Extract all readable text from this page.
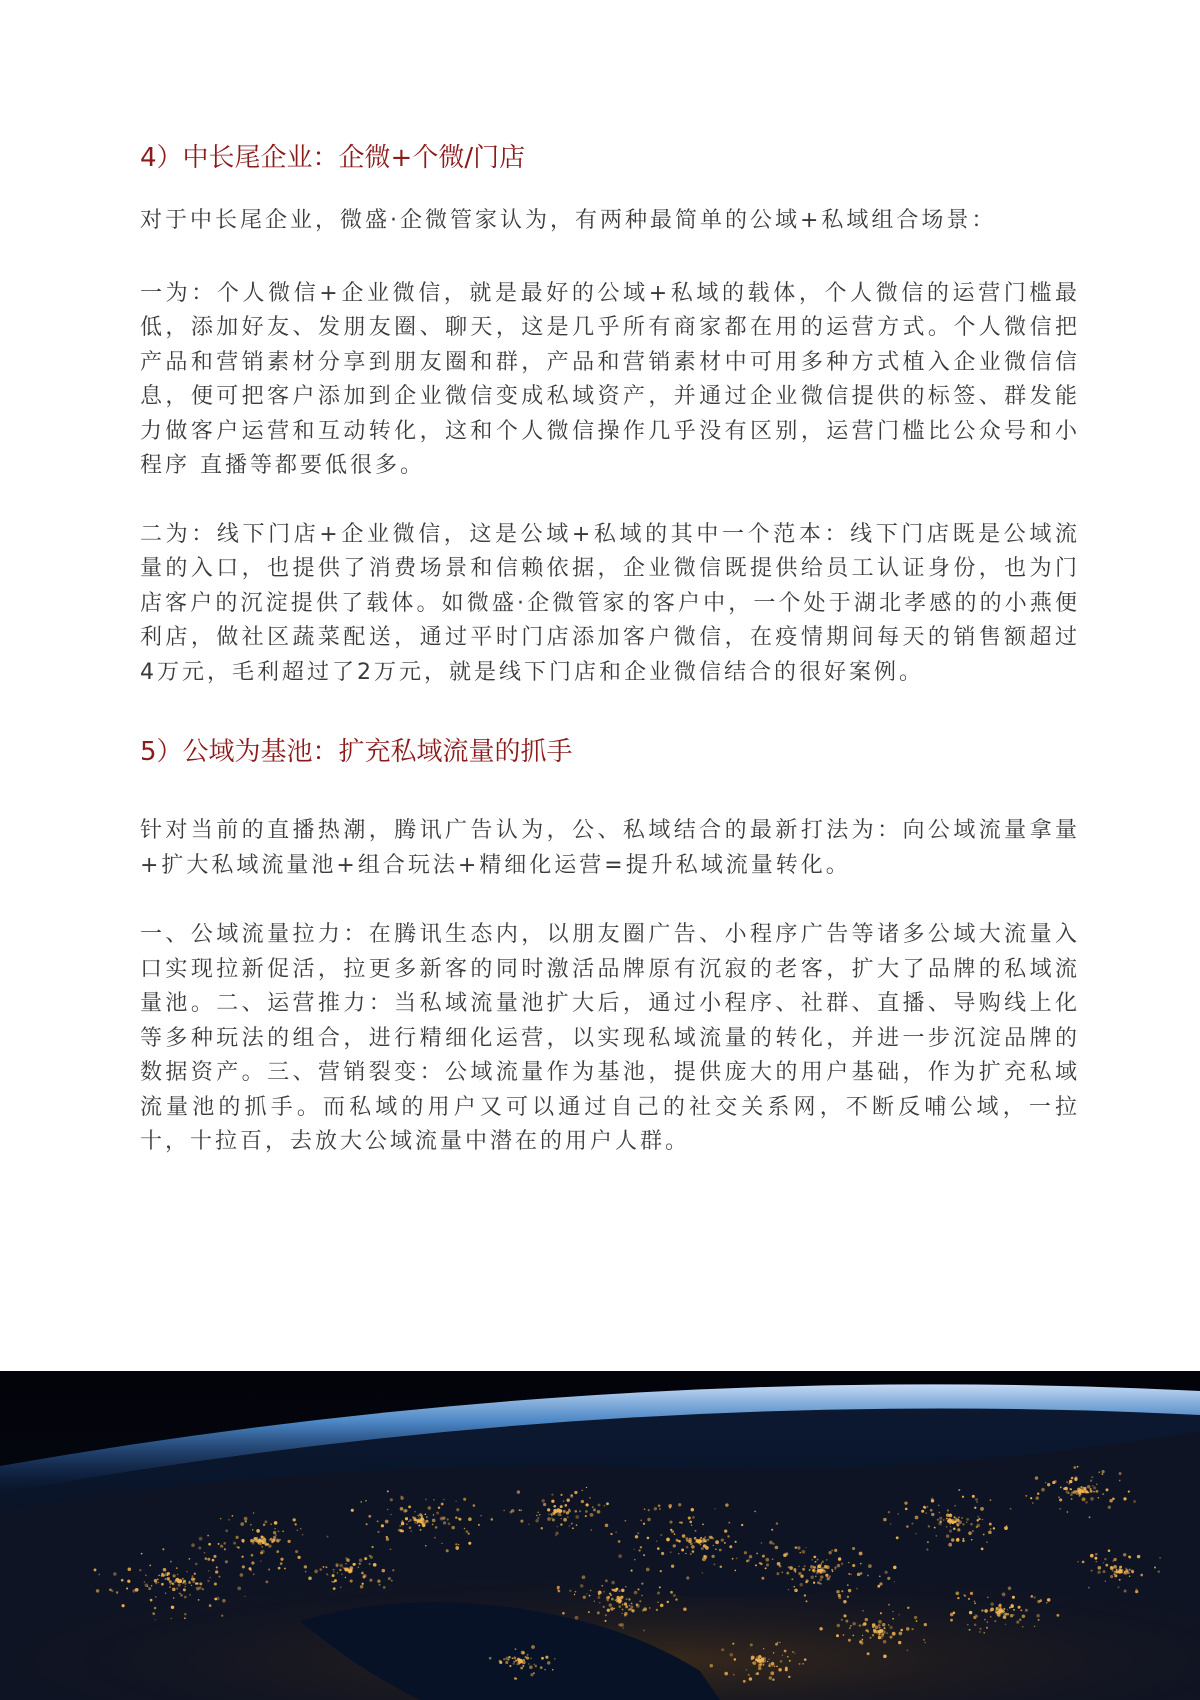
4）中长尾企业：企微+个微/门店

对于中长尾企业，微盛·企微管家认为，有两种最简单的公域+私域组合场景：

一为：个人微信+企业微信，就是最好的公域+私域的载体，个人微信的运营门槛最低，添加好友、发朋友圈、聊天，这是几乎所有商家都在用的运营方式。个人微信把产品和营销素材分享到朋友圈和群，产品和营销素材中可用多种方式植入企业微信信息，便可把客户添加到企业微信变成私域资产，并通过企业微信提供的标签、群发能力做客户运营和互动转化，这和个人微信操作几乎没有区别，运营门槛比公众号和小程序 直播等都要低很多。

二为：线下门店+企业微信，这是公域+私域的其中一个范本：线下门店既是公域流量的入口，也提供了消费场景和信赖依据，企业微信既提供给员工认证身份，也为门店客户的沉淀提供了载体。如微盛·企微管家的客户中，一个处于湖北孝感的的小燕便利店，做社区蔬菜配送，通过平时门店添加客户微信，在疫情期间每天的销售额超过4万元，毛利超过了2万元，就是线下门店和企业微信结合的很好案例。

5）公域为基池：扩充私域流量的抓手

针对当前的直播热潮，腾讯广告认为，公、私域结合的最新打法为：向公域流量拿量+扩大私域流量池+组合玩法+精细化运营=提升私域流量转化。

一、公域流量拉力：在腾讯生态内，以朋友圈广告、小程序广告等诸多公域大流量入口实现拉新促活，拉更多新客的同时激活品牌原有沉寂的老客，扩大了品牌的私域流量池。二、运营推力：当私域流量池扩大后，通过小程序、社群、直播、导购线上化等多种玩法的组合，进行精细化运营，以实现私域流量的转化，并进一步沉淀品牌的数据资产。三、营销裂变：公域流量作为基池，提供庞大的用户基础，作为扩充私域流量池的抓手。而私域的用户又可以通过自己的社交关系网，不断反哺公域，一拉十，十拉百，去放大公域流量中潜在的用户人群。
